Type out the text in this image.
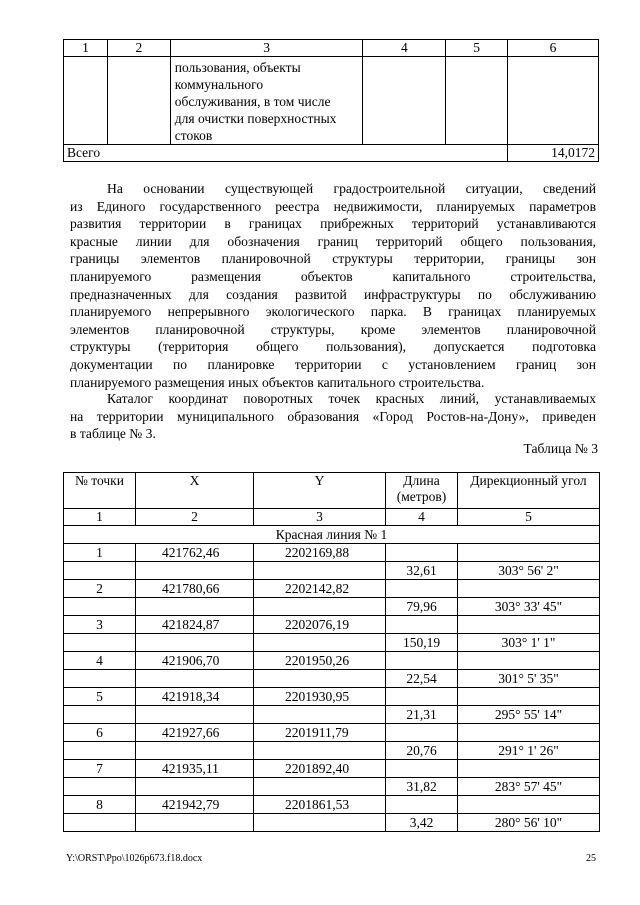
1	2	3	4	5	6

		пользования, объекты
коммунального
обслуживания, в том числе
для очистки поверхностных
стоков			

Всего					14,0172
На основании существующей градостроительной ситуации, сведений
из Единого государственного реестра недвижимости, планируемых параметров
развития территории в границах прибрежных территорий устанавливаются
красные линии для обозначения границ территорий общего пользования,
границы элементов планировочной структуры территории, границы зон
планируемого размещения объектов капитального строительства,
предназначенных для создания развитой инфраструктуры по обслуживанию
планируемого непрерывного экологического парка. В границах планируемых
элементов планировочной структуры, кроме элементов планировочной
структуры (территория общего пользования), допускается подготовка
документации по планировке территории с установлением границ зон
планируемого размещения иных объектов капитального строительства.
Каталог координат поворотных точек красных линий, устанавливаемых
на территории муниципального образования «Город Ростов-на-Дону», приведен
в таблице № 3.
Таблица № 3
№ точки	X	Y	Длина (метров)	Дирекционный угол
1	2	3	4	5
Красная линия № 1				
1	421762,46	2202169,88		
			32,61	303° 56' 2"
2	421780,66	2202142,82		
			79,96	303° 33' 45"
3	421824,87	2202076,19		
			150,19	303° 1' 1"
4	421906,70	2201950,26		
			22,54	301° 5' 35"
5	421918,34	2201930,95		
			21,31	295° 55' 14"
6	421927,66	2201911,79		
			20,76	291° 1' 26"
7	421935,11	2201892,40		
			31,82	283° 57' 45"
8	421942,79	2201861,53		
			3,42	280° 56' 10"
Y:\ORST\Ppo\1026p673.f18.docx	25
